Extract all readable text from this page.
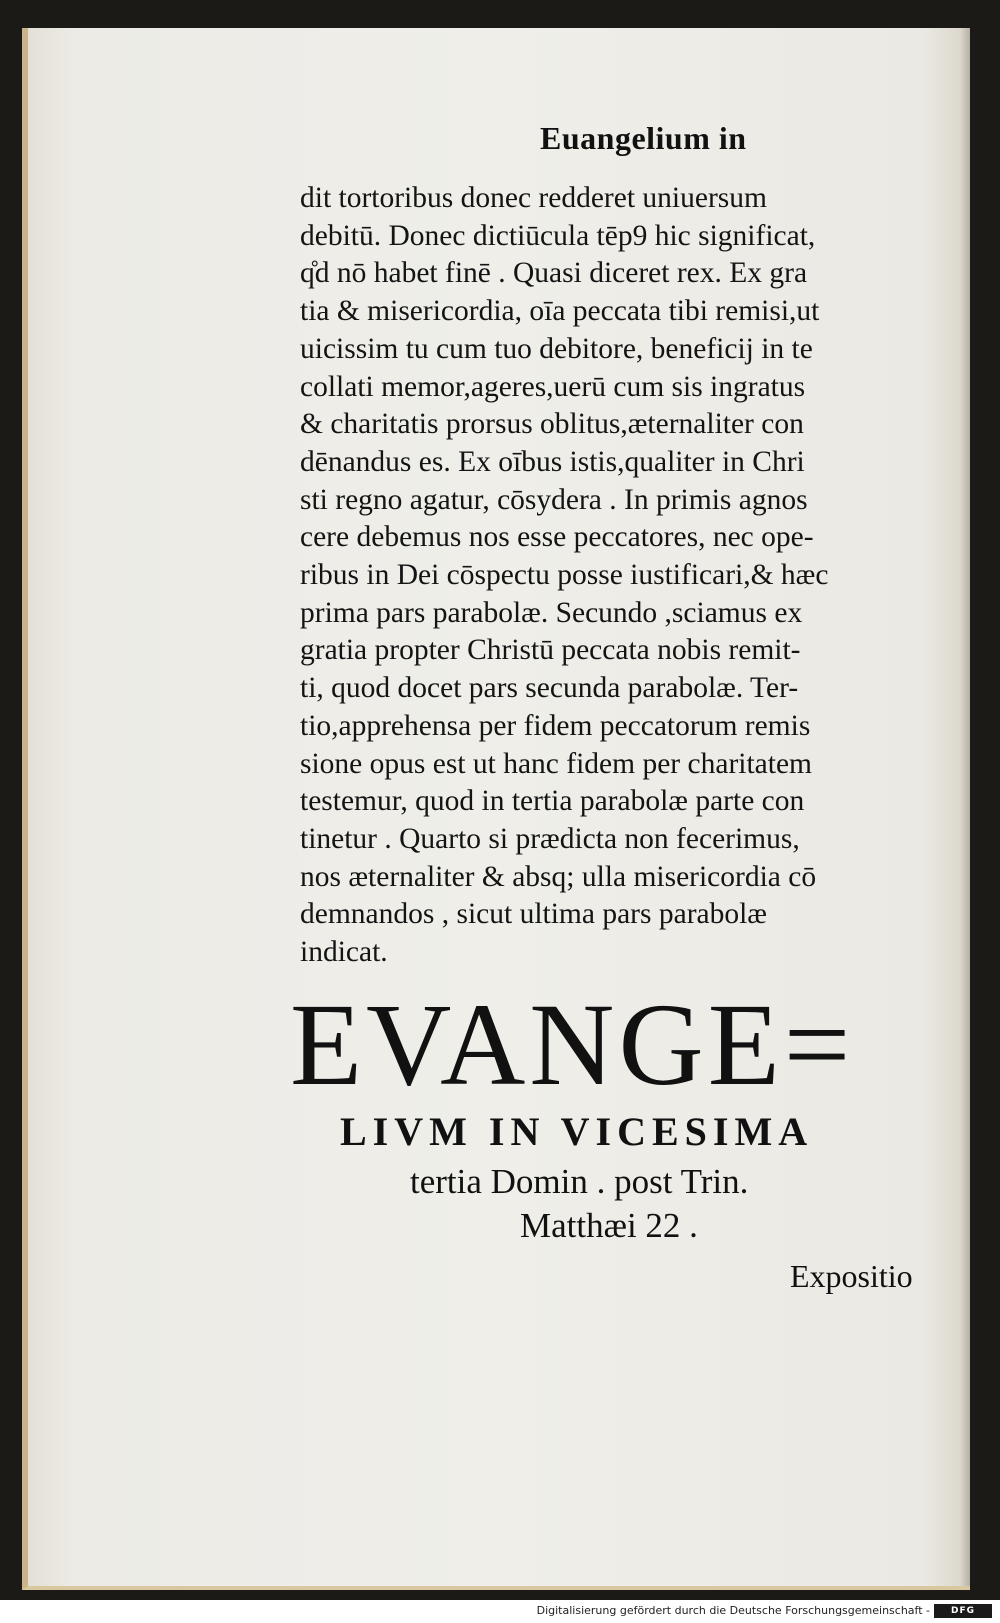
Euangelium in
dit tortoribus donec redderet uniuersum
debitū. Donec dictiūcula tēp9 hic significat,
q̊d nō habet finē . Quasi diceret rex. Ex gra
tia & misericordia, oīa peccata tibi remisi,ut
uicissim tu cum tuo debitore, beneficij in te
collati memor,ageres,uerū cum sis ingratus
& charitatis prorsus oblitus,æternaliter con
dēnandus es. Ex oībus istis,qualiter in Chri
sti regno agatur, cōsydera . In primis agnos
cere debemus nos esse peccatores, nec ope-
ribus in Dei cōspectu posse iustificari,& hæc
prima pars parabolæ. Secundo ,sciamus ex
gratia propter Christū peccata nobis remit-
ti, quod docet pars secunda parabolæ. Ter-
tio,apprehensa per fidem peccatorum remis
sione opus est ut hanc fidem per charitatem
testemur, quod in tertia parabolæ parte con
tinetur . Quarto si prædicta non fecerimus,
nos æternaliter & absq; ulla misericordia cō
demnandos , sicut ultima pars parabolæ
indicat.
EVANGE=
LIVM IN VICESIMA
tertia Domin . post Trin.
Matthæi 22 .
Expositio
Digitalisierung gefördert durch die Deutsche Forschungsgemeinschaft -	DFG
